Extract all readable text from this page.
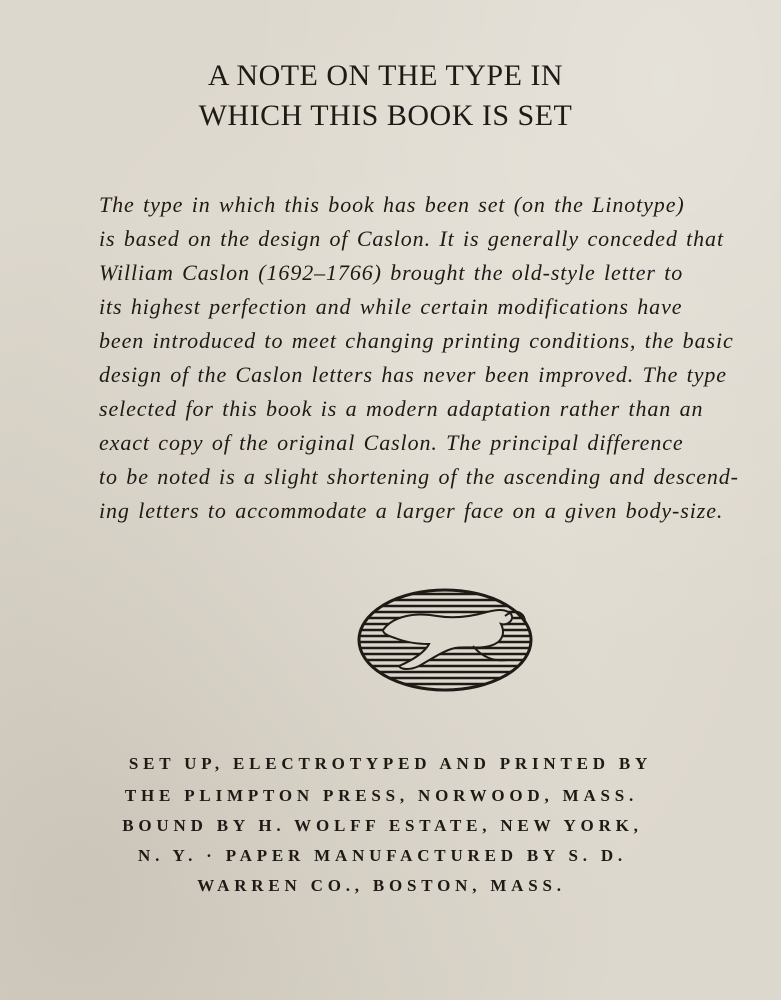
A NOTE ON THE TYPE IN
WHICH THIS BOOK IS SET
The type in which this book has been set (on the Linotype)
is based on the design of Caslon. It is generally conceded that
William Caslon (1692–1766) brought the old-style letter to
its highest perfection and while certain modifications have
been introduced to meet changing printing conditions, the basic
design of the Caslon letters has never been improved. The type
selected for this book is a modern adaptation rather than an
exact copy of the original Caslon. The principal difference
to be noted is a slight shortening of the ascending and descend-
ing letters to accommodate a larger face on a given body-size.
SET UP, ELECTROTYPED AND PRINTED BY
THE PLIMPTON PRESS, NORWOOD, MASS.
BOUND BY H. WOLFF ESTATE, NEW YORK,
N. Y. · PAPER MANUFACTURED BY S. D.
WARREN CO., BOSTON, MASS.
